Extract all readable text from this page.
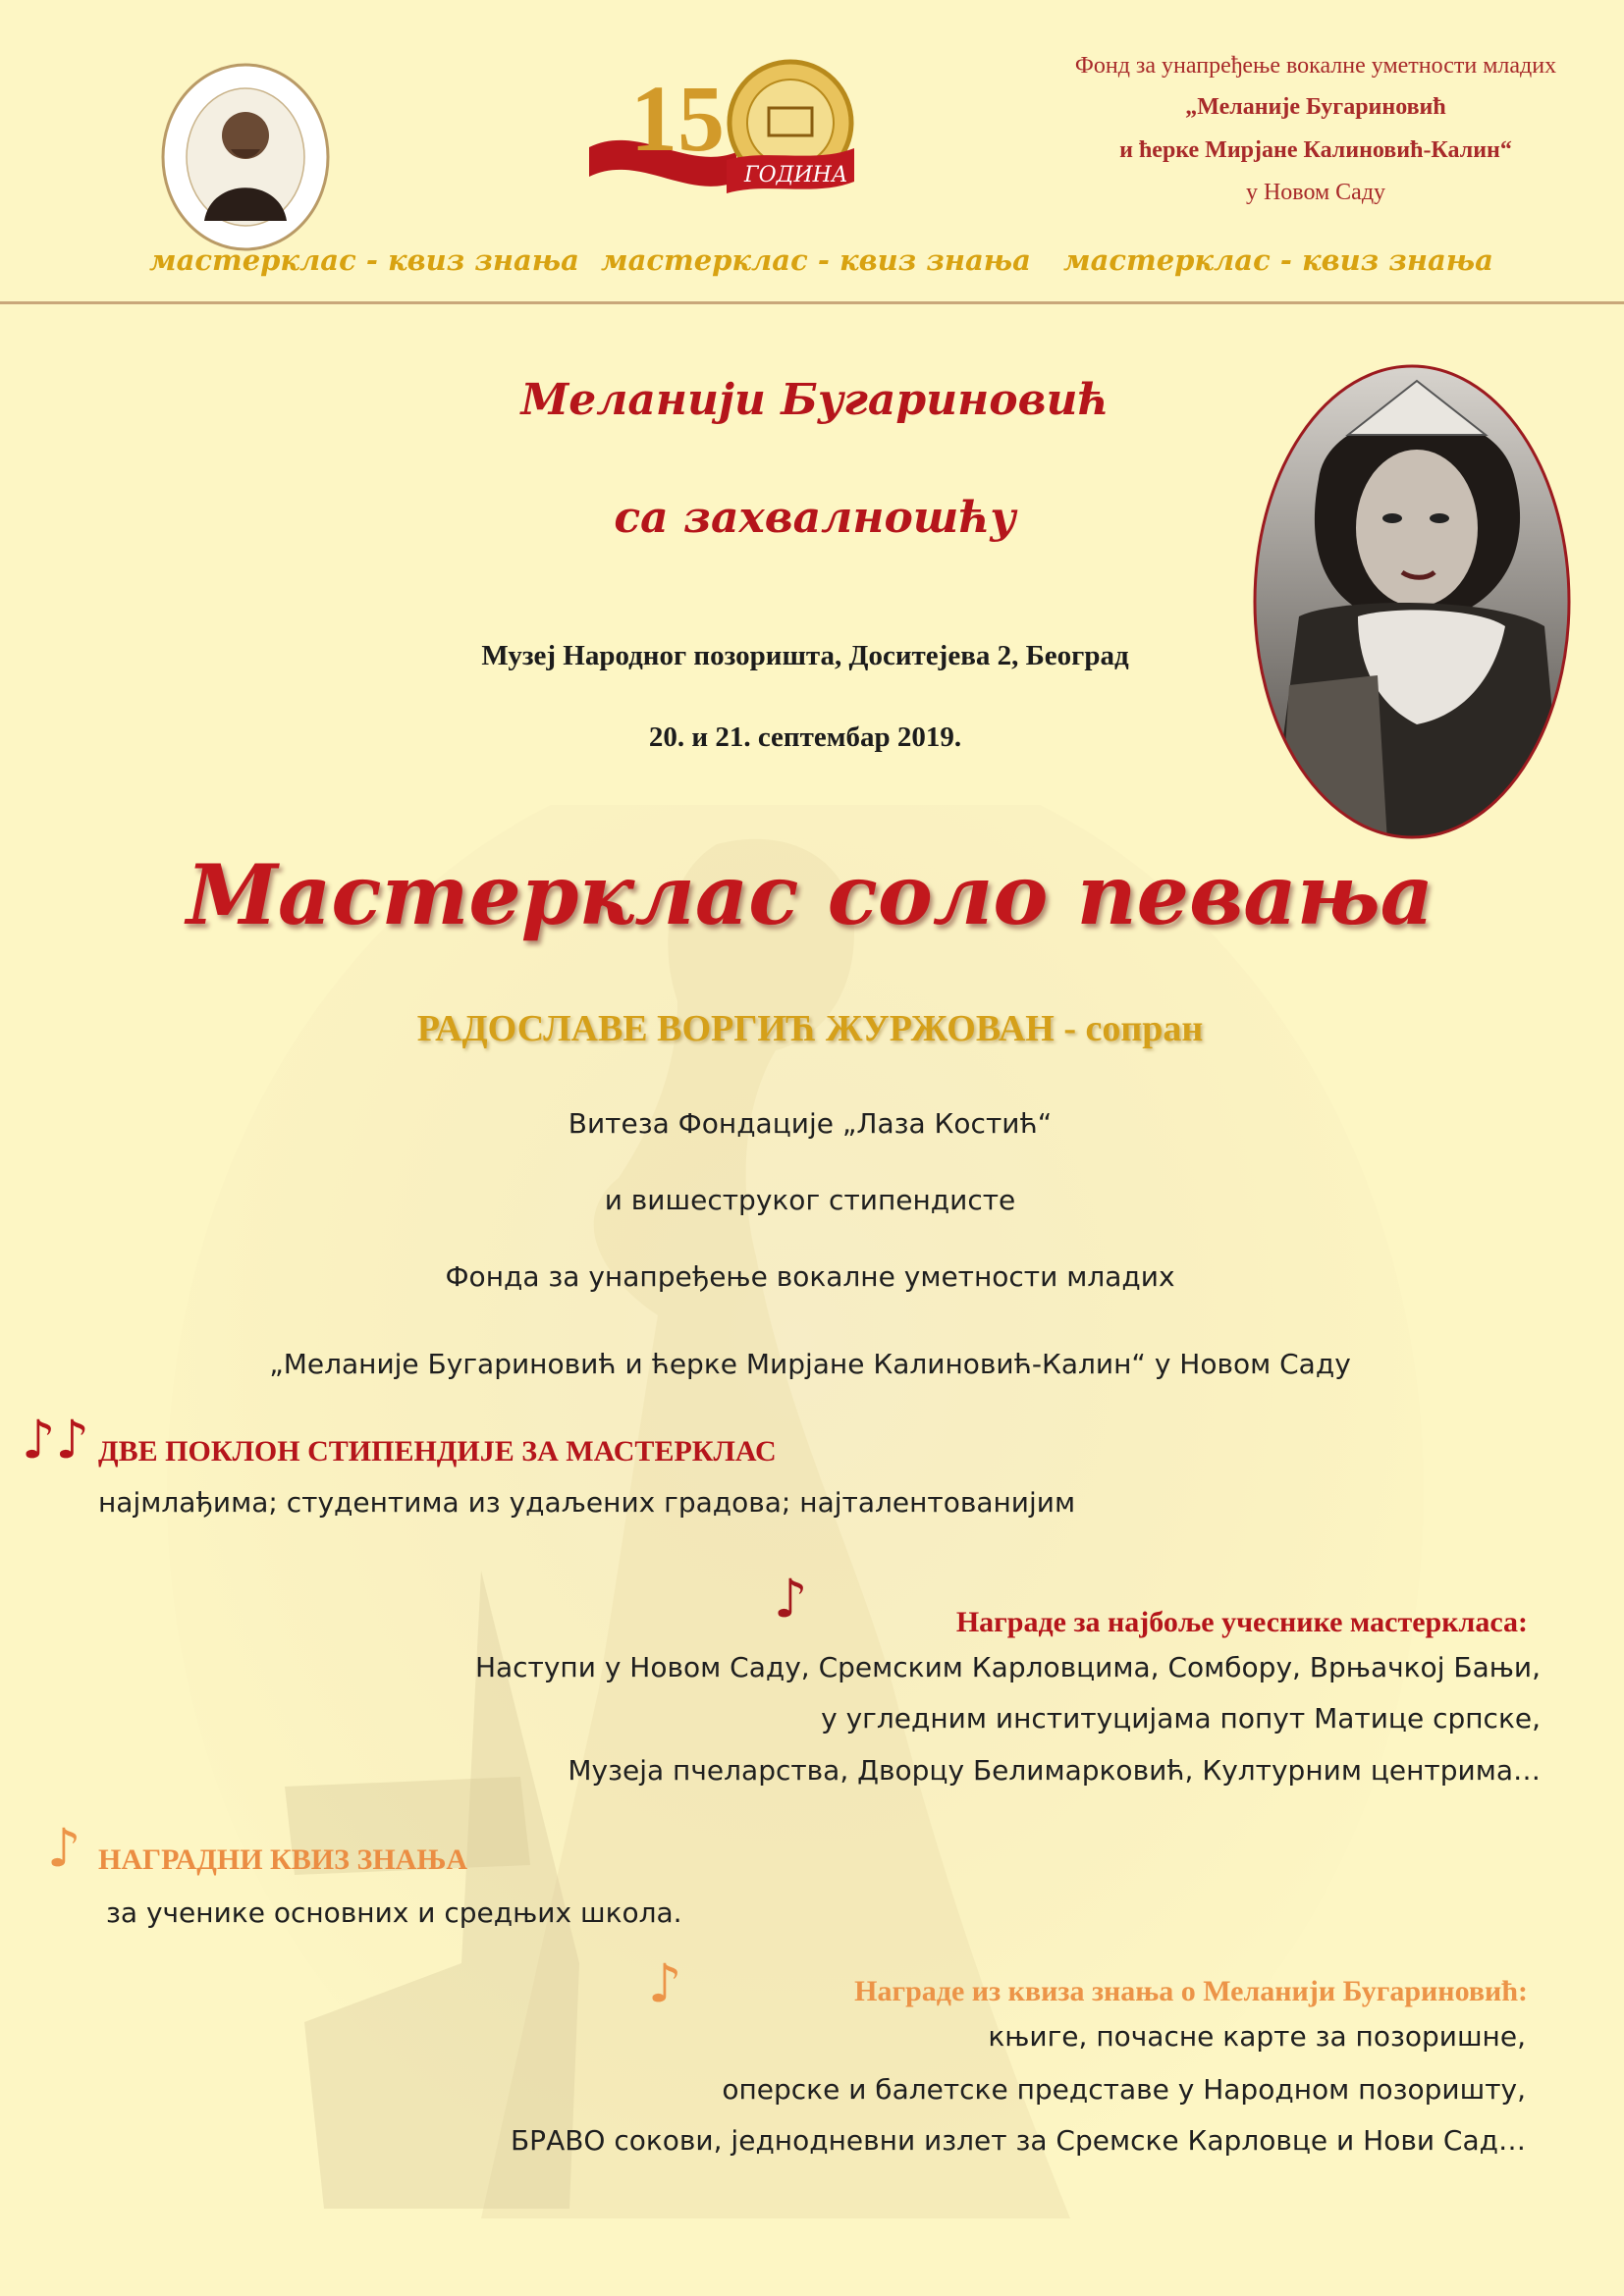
15
ГОДИНА
Фонд за унапређење вокалне уметности младих
„Меланије Бугариновић
и ћерке Мирјане Калиновић-Калин“
у Новом Саду
мастерклас - квиз знања мастерклас - квиз знања мастерклас - квиз знања
Меланији Бугариновић
са захвалношћу
Музеј Народног позоришта, Доситејева 2, Београд
20. и 21. септембар 2019.
Мастерклас соло певања
РАДОСЛАВЕ ВОРГИЋ ЖУРЖОВАН - сопран
Витеза Фондације „Лаза Костић“
и вишеструког стипендисте
Фонда за унапређење вокалне уметности младих
„Меланије Бугариновић и ћерке Мирјане Калиновић-Калин“ у Новом Саду
♪♪ ДВЕ ПОКЛОН СТИПЕНДИЈЕ ЗА МАСТЕРКЛАС
најмлађима; студентима из удаљених градова; најталентованијим
♪	Награде за најбоље учеснике мастеркласа:
Наступи у Новом Саду, Сремским Карловцима, Сомбору, Врњачкој Бањи,
у угледним институцијама попут Матице српске,
Музеја пчеларства, Дворцу Белимарковић, Културним центрима…
♪ НАГРАДНИ КВИЗ ЗНАЊА
за ученике основних и средњих школа.
♪	Награде из квиза знања о Меланији Бугариновић:
књиге, почасне карте за позоришне,
оперске и балетске представе у Народном позоришту,
БРАВО сокови, једнодневни излет за Сремске Карловце и Нови Сад…
